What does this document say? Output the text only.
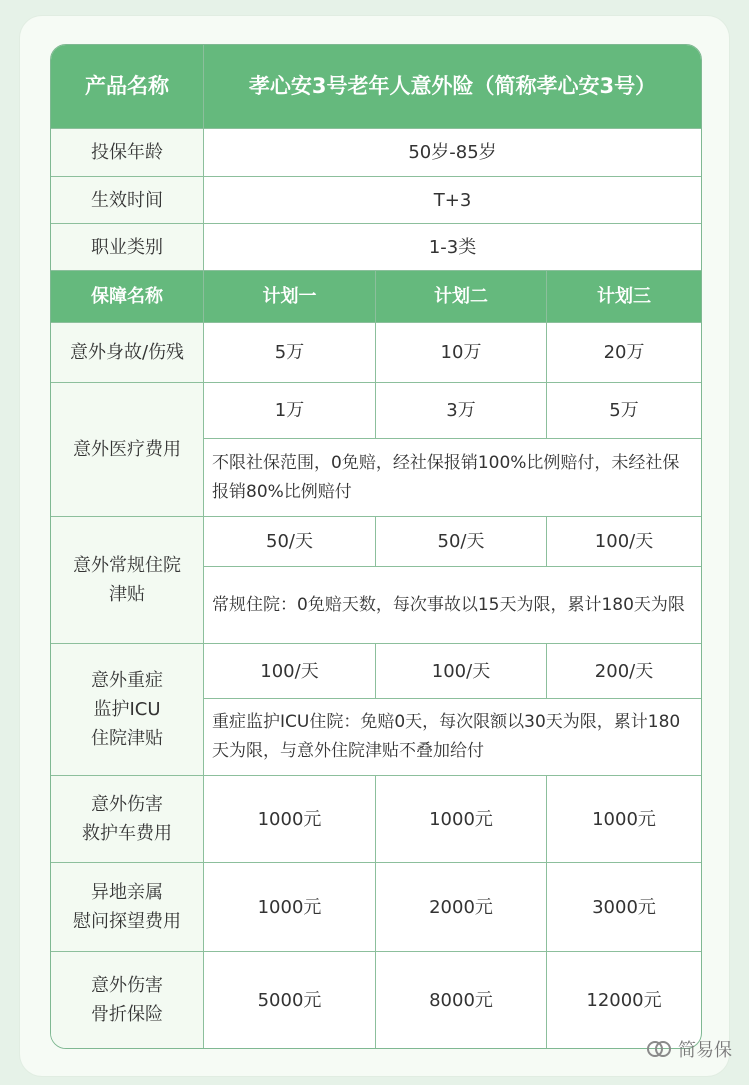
产品名称	孝心安3号老年人意外险（简称孝心安3号）		
投保年龄	50岁-85岁		
生效时间	T+3		
职业类别	1-3类		
保障名称	计划一	计划二	计划三
意外身故/伤残	5万	10万	20万
意外医疗费用	1万	3万	5万
	不限社保范围，0免赔，经社保报销100%比例赔付，未经社保报销80%比例赔付		

意外常规住院
津贴	50/天	50/天	100/天
	常规住院：0免赔天数，每次事故以15天为限，累计180天为限		

意外重症
监护ICU
住院津贴	100/天	100/天	200/天
	重症监护ICU住院：免赔0天，每次限额以30天为限，累计180天为限，与意外住院津贴不叠加给付		

意外伤害
救护车费用	1000元	1000元	1000元

异地亲属
慰问探望费用	1000元	2000元	3000元

意外伤害
骨折保险	5000元	8000元	12000元
简易保
